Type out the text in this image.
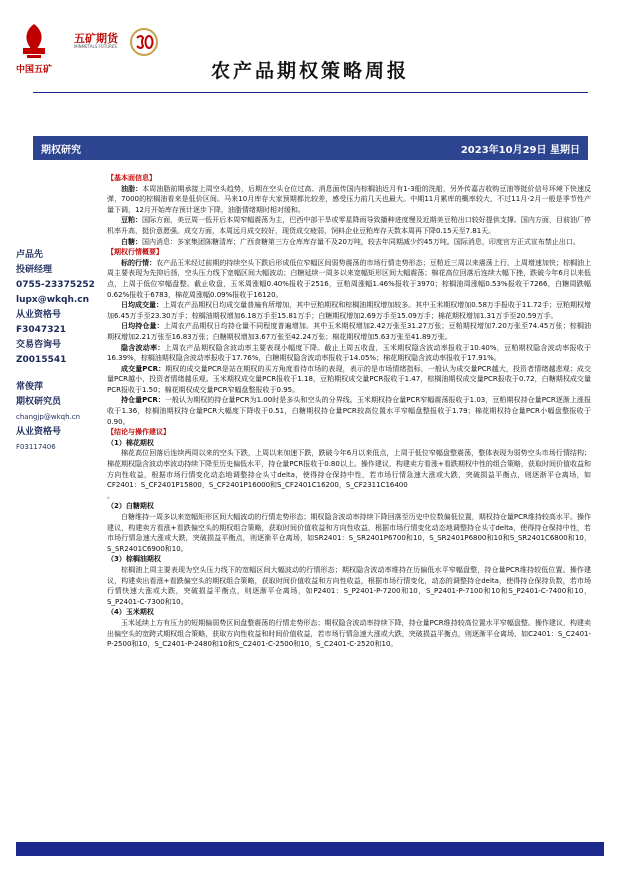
中国五矿
五矿期货
MINMETALS FUTURES
农产品期权策略周报
期权研究	2023年10月29日 星期日
卢品先
投研经理
0755-23375252
lupx@wkqh.cn
从业资格号
F3047321
交易咨询号
Z0015541
常俊萍
期权研究员
changjp@wkqh.cn
从业资格号
F03117406
【基本面信息】

油脂：本周油脂前期承接上周空头趋势，后期在空头仓位过高、消息面传国内棕榈油近月有1-3船的洗船，另外传嘉吉收购豆油等挺价信号环境下快速反弹，7000的棕榈油看来是低价区间。马来10月库存大家预期都比较差，感受压力前几天也最大。中期11月累库的概率较大，不过11月-2月一般是季节性产量下调，12月开始库存预计逐步下降，油脂情绪期时相对缓和。

豆粕：国际方面，美豆周一低开后本周窄幅震荡为主，巴西中部干旱或零星降雨导致播种进度慢及近期美豆粕出口较好提供支撑。国内方面，目前油厂停机率升高，挺价意愿强。成交方面，本周远月成交较好，现货成交疲弱，饲料企业豆粕库存天数本周再下降0.15天至7.81天。

白糖：国内消息：多家集团陈糖清库；广西食糖第三方仓库库存量不及20万吨，较去年同期减少约45万吨。国际消息，印度官方正式宣布禁止出口。

【期权行情概要】

标的行情：农产品玉米经过前期的持续空头下跌后形成低位窄幅区间弱势震荡的市场行情走势形态；豆粕近三周以来震荡上行，上周增速加快；棕榈油上周主要表现为先抑后扬，空头压力线下宽幅区间大幅波动；白糖延续一周多以来宽幅矩形区间大幅震荡；棉花高位回落后连续大幅下挫，跌破今年6月以来低点，上周于低位窄幅盘整。截止收盘，玉米周涨幅0.40%报收于2516，豆粕周涨幅1.46%报收于3970；棕榈油周涨幅0.53%报收于7266，白糖周跌幅0.62%报收于6783，棉花周涨幅0.09%报收于16120。

日均成交量：上周农产品期权日均成交量普遍有所增加，其中豆粕期权和棕榈油期权增加较多。其中玉米期权增加0.58万手报收于11.72手；豆粕期权增加6.45万手至23.30万手；棕榈油期权增加6.18万手至15.81万手；白糖期权增加2.69万手至15.09万手；棉花期权增加1.31万手至20.59万手。

日均持仓量：上周农产品期权日均持仓量不同程度普遍增加。其中玉米期权增加2.42万张至31.27万张；豆粕期权增加7.20万张至74.45万张；棕榈油期权增加2.21万张至16.83万张；白糖期权增加3.67万张至42.24万张；棉花期权增加5.63万张至41.89万张。

隐含波动率：上周农产品期权隐含波动率主要表现小幅度下降。截止上周五收盘，玉米期权隐含波动率报收于10.40%，豆粕期权隐含波动率报收于16.39%，棕榈油期权隐含波动率报收于17.76%，白糖期权隐含波动率报收于14.05%；棉花期权隐含波动率报收于17.91%。

成交量PCR：期权的成交量PCR是站在期权的买方角度看待市场的表现，表示的是市场情绪指标，一般认为成交量PCR越大，投资者情绪越悲观；成交量PCR越小，投资者情绪越乐观。玉米期权成交量PCR报收于1.18，豆粕期权成交量PCR报收于1.47，棕榈油期权成交量PCR报收于0.72，白糖期权成交量PCR报收于1.50；棉花期权成交量PCR窄幅盘整报收于0.95。

持仓量PCR：一般认为期权的持仓量PCR为1.00时是多头和空头的分界线。玉米期权持仓量PCR窄幅震荡报收于1.03，豆粕期权持仓量PCR逐渐上涨报收于1.36，棕榈油期权持仓量PCR大幅度下降收于0.51，白糖期权持仓量PCR较高位置水平窄幅盘整报收于1.79；棉花期权持仓量PCR小幅盘整报收于0.90。

【结论与操作建议】
（1）棉花期权

棉花高位回落后连续两周以来的空头下跌，上周以来加速下跌，跌破今年6月以来低点，上周于低位窄幅盘整震荡，整体表现为弱势空头市场行情结构；棉花期权隐含波动率波动持续下降至历史偏低水平，持仓量PCR报收于0.80以上。操作建议，构建卖方看涨+看跌期权中性的组合策略，获取时间价值收益和方向性收益，根据市场行情变化动态地调整持仓头寸delta，使得持仓保持中性，若市场行情急速大涨或大跌，突破损益平衡点，则逐渐平仓离场，如CF2401：S_CF2401P15800，S_CF2401P16000和S_CF2401C16200，S_CF2311C16400

。

（2）白糖期权

白糖维持一周多以来宽幅矩形区间大幅波动的行情走势形态；期权隐含波动率持续下降回落至历史中位数偏低位置，期权持仓量PCR维持较高水平。操作建议，构建卖方看涨+看跌偏空头的期权组合策略，获取时间价值收益和方向性收益，根据市场行情变化动态地调整持仓头寸delta，使得持仓保持中性，若市场行情急速大涨或大跌，突破损益平衡点，则逐渐平仓离场，如SR2401：S_SR2401P6700和10，S_SR2401P6800和10和S_SR2401C6800和10，S_SR2401C6900和10。

（3）棕榈油期权

棕榈油上周主要表现为空头压力线下的宽幅区间大幅波动的行情形态；期权隐含波动率维持在历偏低水平窄幅盘整，持仓量PCR维持较低位置。操作建议，构建卖出看涨+看跌偏空头的期权组合策略，获取时间价值收益和方向性收益，根据市场行情变化，动态的调整持仓delta，使得持仓保持负数，若市场行情快速大涨或大跌，突破损益平衡点，则逐渐平仓离场，如P2401：S_P2401-P-7200和10，S_P2401-P-7100和10和S_P2401-C-7400和10，S_P2401-C-7300和10。

（4）玉米期权

玉米延续上方有压力的短期偏弱势区间盘整震荡的行情走势形态；期权隐含波动率持续下降，持仓量PCR维持较高位置水平窄幅盘整。操作建议，构建卖出偏空头的宽跨式期权组合策略，获取方向性收益和时间价值收益，若市场行情急速大涨或大跌，突破损益平衡点，则逐渐平仓离场，如C2401：S_C2401-P-2500和10，S_C2401-P-2480和10和S_C2401-C-2500和10，S_C2401-C-2520和10。
